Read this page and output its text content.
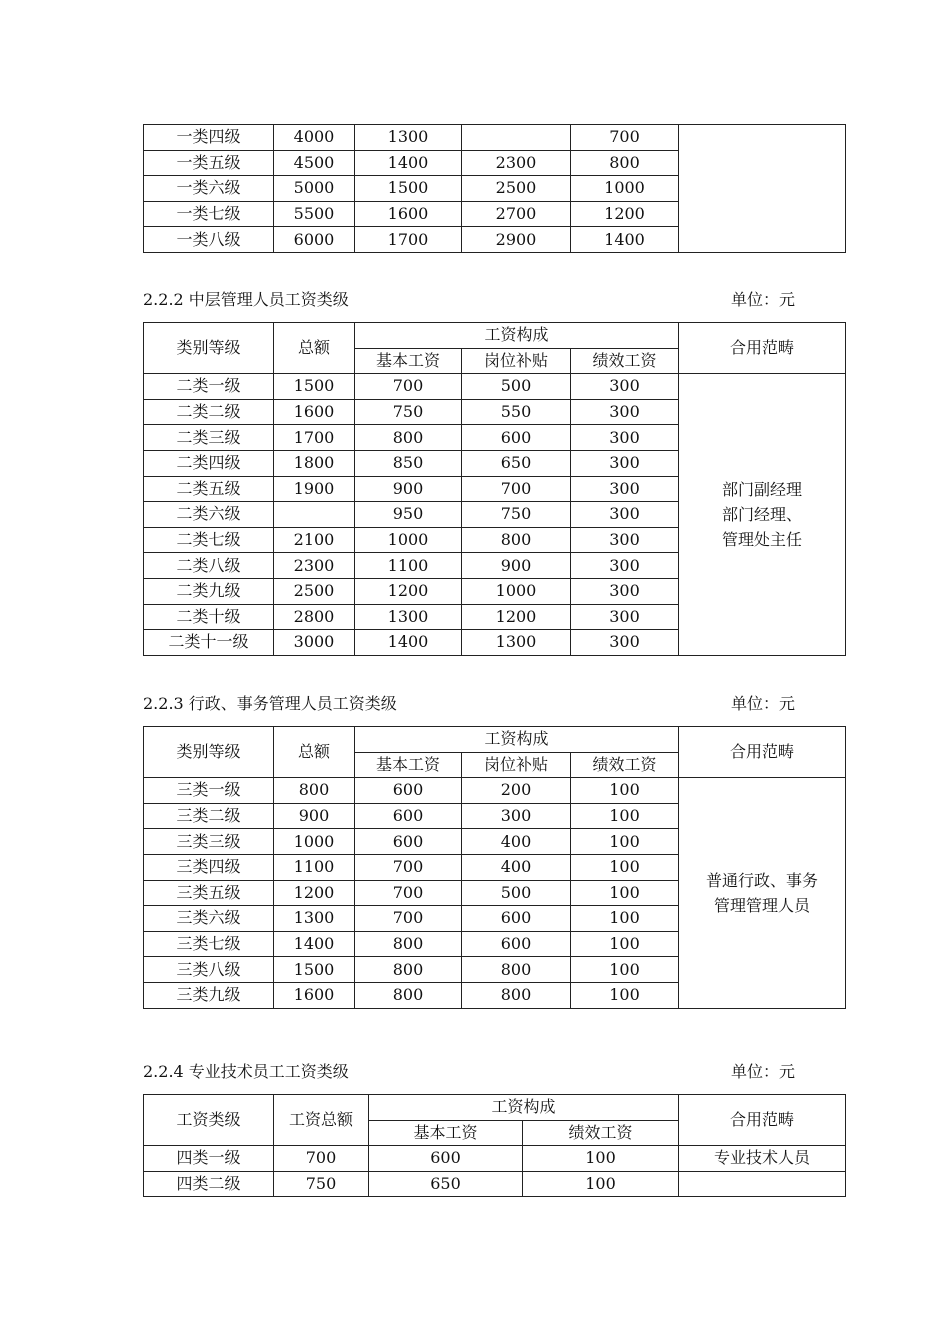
一类四级	4000	1300		700	
一类五级	4500	1400	2300	800	
一类六级	5000	1500	2500	1000	
一类七级	5500	1600	2700	1200	
一类八级	6000	1700	2900	1400	
2.2.2 中层管理人员工资类级	单位：元
类别等级	总额	工资构成			合用范畴
		基本工资	岗位补贴	绩效工资	
二类一级	1500	700	500	300	部门副经理
部门经理、
管理处主任

二类二级	1600	750	550	300	
二类三级	1700	800	600	300	
二类四级	1800	850	650	300	
二类五级	1900	900	700	300	
二类六级		950	750	300	
二类七级	2100	1000	800	300	
二类八级	2300	1100	900	300	
二类九级	2500	1200	1000	300	
二类十级	2800	1300	1200	300	
二类十一级	3000	1400	1300	300	
2.2.3 行政、事务管理人员工资类级	单位：元
类别等级	总额	工资构成			合用范畴
		基本工资	岗位补贴	绩效工资	
三类一级	800	600	200	100	普通行政、事务
管理管理人员

三类二级	900	600	300	100	
三类三级	1000	600	400	100	
三类四级	1100	700	400	100	
三类五级	1200	700	500	100	
三类六级	1300	700	600	100	
三类七级	1400	800	600	100	
三类八级	1500	800	800	100	
三类九级	1600	800	800	100	
2.2.4 专业技术员工工资类级	单位：元
工资类级	工资总额	工资构成		合用范畴
		基本工资	绩效工资	
四类一级	700	600	100	专业技术人员
四类二级	750	650	100	
